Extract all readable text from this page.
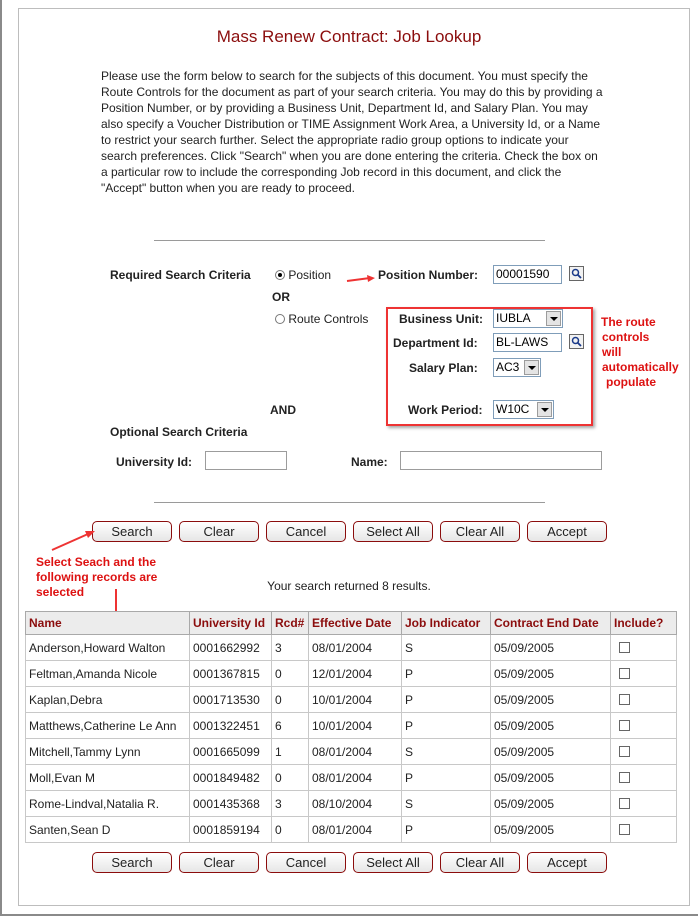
Mass Renew Contract: Job Lookup
Please use the form below to search for the subjects of this document. You must specify the Route Controls for the document as part of your search criteria. You may do this by providing a Position Number, or by providing a Business Unit, Department Id, and Salary Plan. You may also specify a Voucher Distribution or TIME Assignment Work Area, a University Id, or a Name to restrict your search further. Select the appropriate radio group options to indicate your search preferences. Click "Search" when you are done entering the criteria. Check the box on a particular row to include the corresponding Job record in this document, and click the "Accept" button when you are ready to proceed.
Required Search Criteria	Position	Position Number: 00001590
OR
Route Controls	Business Unit: IUBLA
Department Id: BL-LAWS
Salary Plan: AC3
AND	Work Period: W10C
The route
controls
will
automatically
populate
Optional Search Criteria
University Id:	Name:
Search	Clear	Cancel	Select All	Clear All	Accept
Select Seach and the
following records are
selected	Your search returned 8 results.
Name	University Id	Rcd#	Effective Date	Job Indicator	Contract End Date	Include?
Anderson,Howard Walton	0001662992	3	08/01/2004	S	05/09/2005	
Feltman,Amanda Nicole	0001367815	0	12/01/2004	P	05/09/2005	
Kaplan,Debra	0001713530	0	10/01/2004	P	05/09/2005	
Matthews,Catherine Le Ann	0001322451	6	10/01/2004	P	05/09/2005	
Mitchell,Tammy Lynn	0001665099	1	08/01/2004	S	05/09/2005	
Moll,Evan M	0001849482	0	08/01/2004	P	05/09/2005	
Rome-Lindval,Natalia R.	0001435368	3	08/10/2004	S	05/09/2005	
Santen,Sean D	0001859194	0	08/01/2004	P	05/09/2005	
Search	Clear	Cancel	Select All	Clear All	Accept
